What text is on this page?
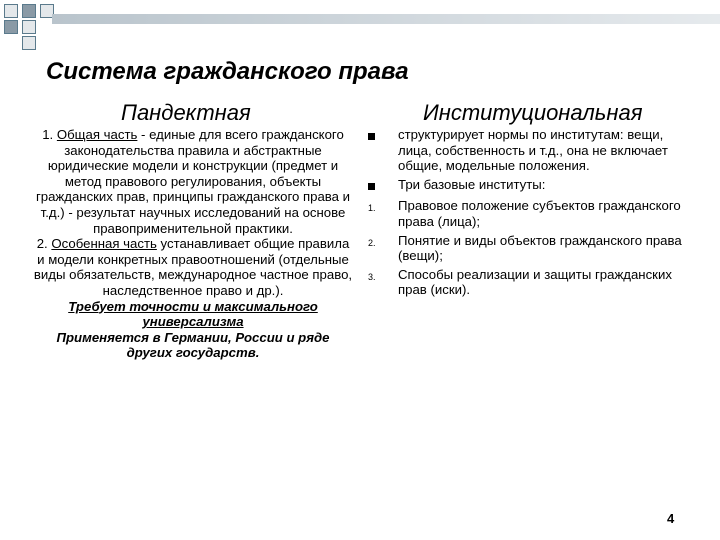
Система гражданского права
Пандектная	Институциональная

1. Общая часть - единые для всего гражданского законодательства правила и абстрактные юридические модели и конструкции (предмет и метод правового регулирования, объекты гражданских прав, принципы гражданского права и т.д.) - результат научных исследований на основе правоприменительной практики.

2. Особенная часть устанавливает общие правила и модели конкретных правоотношений (отдельные виды обязательств, международное частное право, наследственное право и др.).

Требует точности и максимального универсализма

Применяется в Германии, России и ряде других государств.

структурирует нормы по институтам: вещи, лица, собственность и т.д., она не включает общие, модельные положения.
Три базовые институты:
1.	Правовое положение субъектов гражданского права (лица);
2.	Понятие и виды объектов гражданского права (вещи);
3.	Способы реализации и защиты гражданских прав (иски).
4
